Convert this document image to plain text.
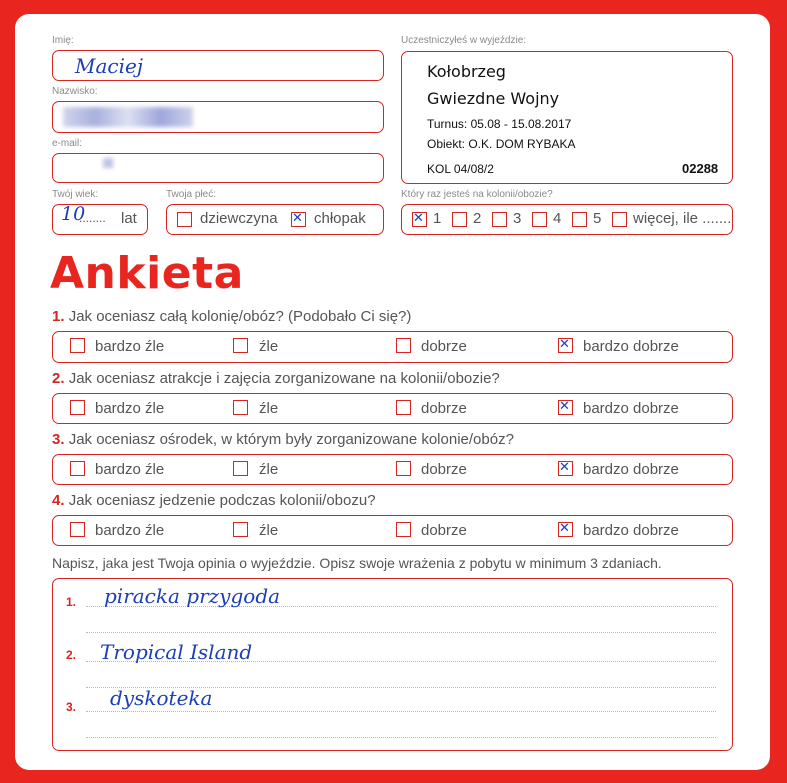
Imię:
Maciej
Nazwisko:
e-mail:
Twój wiek:
10
........ lat
Twoja płeć:
dziewczyna ✕ chłopak
Uczestniczyłeś w wyjeździe:
Kołobrzeg
Gwiezdne Wojny
Turnus: 05.08 - 15.08.2017
Obiekt: O.K. DOM RYBAKA
KOL 04/08/2	02288
Który raz jesteś na kolonii/obozie?
✕ 1 2 3 4 5 więcej, ile .......
Ankieta
1. Jak oceniasz całą kolonię/obóz? (Podobało Ci się?)
bardzo źle	źle	dobrze	✕ bardzo dobrze
2. Jak oceniasz atrakcje i zajęcia zorganizowane na kolonii/obozie?
bardzo źle	źle	dobrze	✕ bardzo dobrze
3. Jak oceniasz ośrodek, w którym były zorganizowane kolonie/obóz?
bardzo źle	źle	dobrze	✕ bardzo dobrze
4. Jak oceniasz jedzenie podczas kolonii/obozu?
bardzo źle	źle	dobrze	✕ bardzo dobrze
Napisz, jaka jest Twoja opinia o wyjeździe. Opisz swoje wrażenia z pobytu w minimum 3 zdaniach.
1. piracka przygoda
2. Tropical Island
3. dyskoteka
